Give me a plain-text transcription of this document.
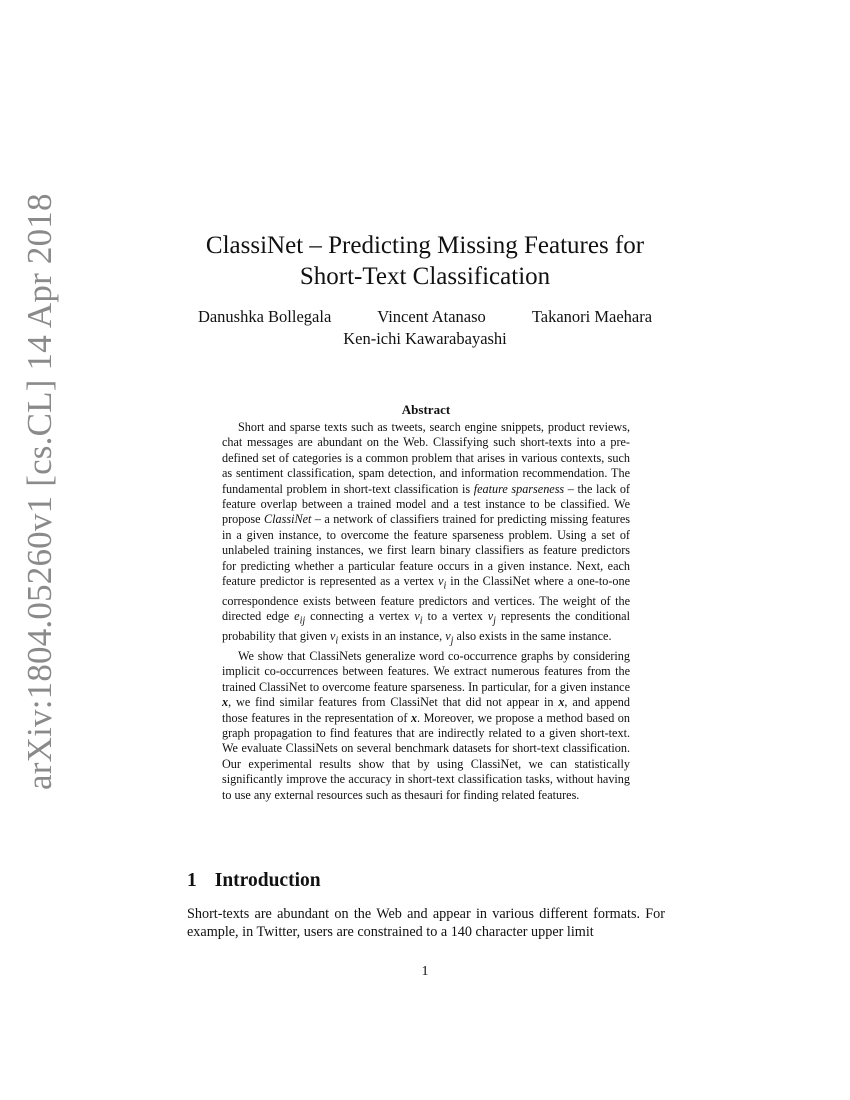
arXiv:1804.05260v1 [cs.CL] 14 Apr 2018	ClassiNet – Predicting Missing Features for
Short-Text Classification
Danushka Bollegala	Vincent Atanaso	Takanori Maehara
Ken-ichi Kawarabayashi
Abstract

Short and sparse texts such as tweets, search engine snippets, product reviews, chat messages are abundant on the Web. Classifying such short-texts into a pre-defined set of categories is a common problem that arises in various contexts, such as sentiment classification, spam detection, and information recommendation. The fundamental problem in short-text classification is feature sparseness – the lack of feature overlap between a trained model and a test instance to be classified. We propose ClassiNet – a network of classifiers trained for predicting missing features in a given instance, to overcome the feature sparseness problem. Using a set of unlabeled training instances, we first learn binary classifiers as feature predictors for predicting whether a particular feature occurs in a given instance. Next, each feature predictor is represented as a vertex $v_i$ in the ClassiNet where a one-to-one correspondence exists between feature predictors and vertices. The weight of the directed edge $e_{ij}$ connecting a vertex $v_i$ to a vertex $v_j$ represents the conditional probability that given $v_i$ exists in an instance, $v_j$ also exists in the same instance.

We show that ClassiNets generalize word co-occurrence graphs by considering implicit co-occurrences between features. We extract numerous features from the trained ClassiNet to overcome feature sparseness. In particular, for a given instance x, we find similar features from ClassiNet that did not appear in x, and append those features in the representation of x. Moreover, we propose a method based on graph propagation to find features that are indirectly related to a given short-text. We evaluate ClassiNets on several benchmark datasets for short-text classification. Our experimental results show that by using ClassiNet, we can statistically significantly improve the accuracy in short-text classification tasks, without having to use any external resources such as thesauri for finding related features.

1 Introduction

Short-texts are abundant on the Web and appear in various different formats. For example, in Twitter, users are constrained to a 140 character upper limit

1
